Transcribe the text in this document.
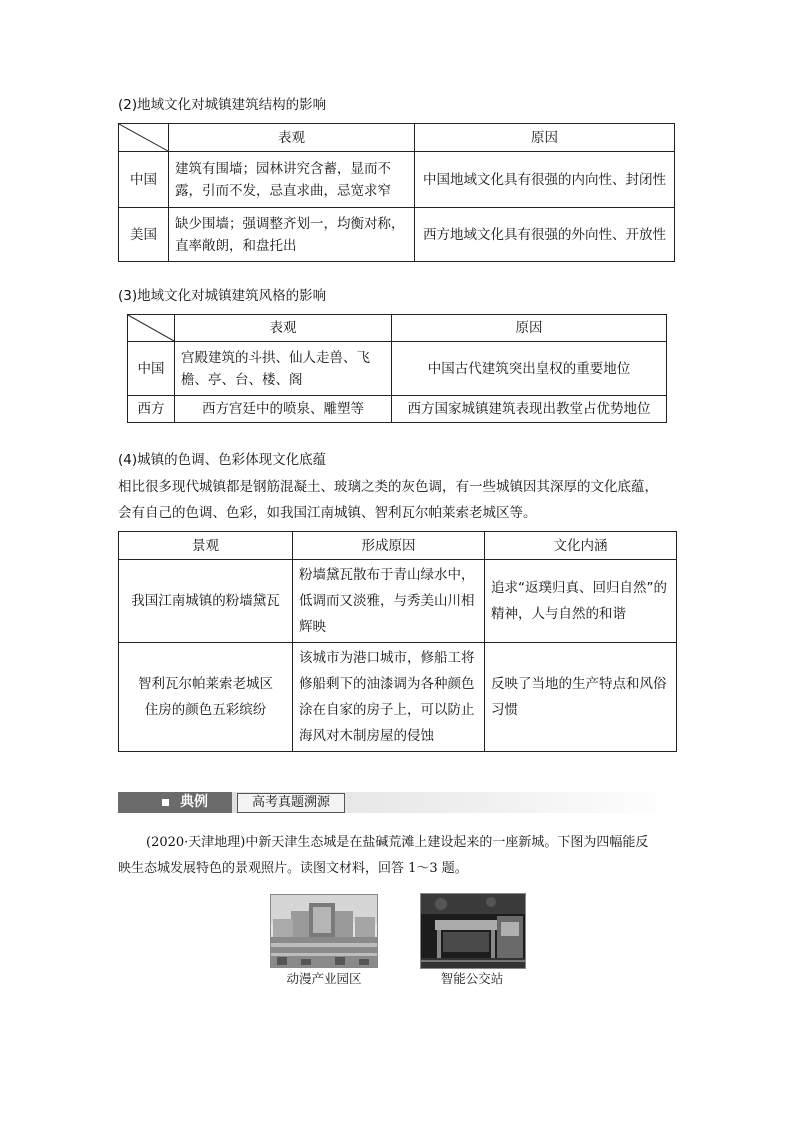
(2)地域文化对城镇建筑结构的影响
	表观	原因
中国	建筑有围墙；园林讲究含蓄，显而不露，引而不发，忌直求曲，忌宽求窄	中国地域文化具有很强的内向性、封闭性
美国	缺少围墙；强调整齐划一，均衡对称，直率敞朗，和盘托出	西方地域文化具有很强的外向性、开放性
(3)地域文化对城镇建筑风格的影响
	表观	原因
中国	宫殿建筑的斗拱、仙人走兽、飞檐、亭、台、楼、阁	中国古代建筑突出皇权的重要地位
西方	西方宫廷中的喷泉、雕塑等	西方国家城镇建筑表现出教堂占优势地位
(4)城镇的色调、色彩体现文化底蕴
相比很多现代城镇都是钢筋混凝土、玻璃之类的灰色调，有一些城镇因其深厚的文化底蕴，
会有自己的色调、色彩，如我国江南城镇、智利瓦尔帕莱索老城区等。
景观	形成原因	文化内涵
我国江南城镇的粉墙黛瓦	粉墙黛瓦散布于青山绿水中，低调而又淡雅，与秀美山川相辉映	追求“返璞归真、回归自然”的精神，人与自然的和谐
智利瓦尔帕莱索老城区住房的颜色五彩缤纷	该城市为港口城市，修船工将修船剩下的油漆调为各种颜色涂在自家的房子上，可以防止海风对木制房屋的侵蚀	反映了当地的生产特点和风俗习惯
典例	高考真题溯源
(2020·天津地理)中新天津生态城是在盐碱荒滩上建设起来的一座新城。下图为四幅能反
映生态城发展特色的景观照片。读图文材料，回答 1～3 题。
动漫产业园区	智能公交站
